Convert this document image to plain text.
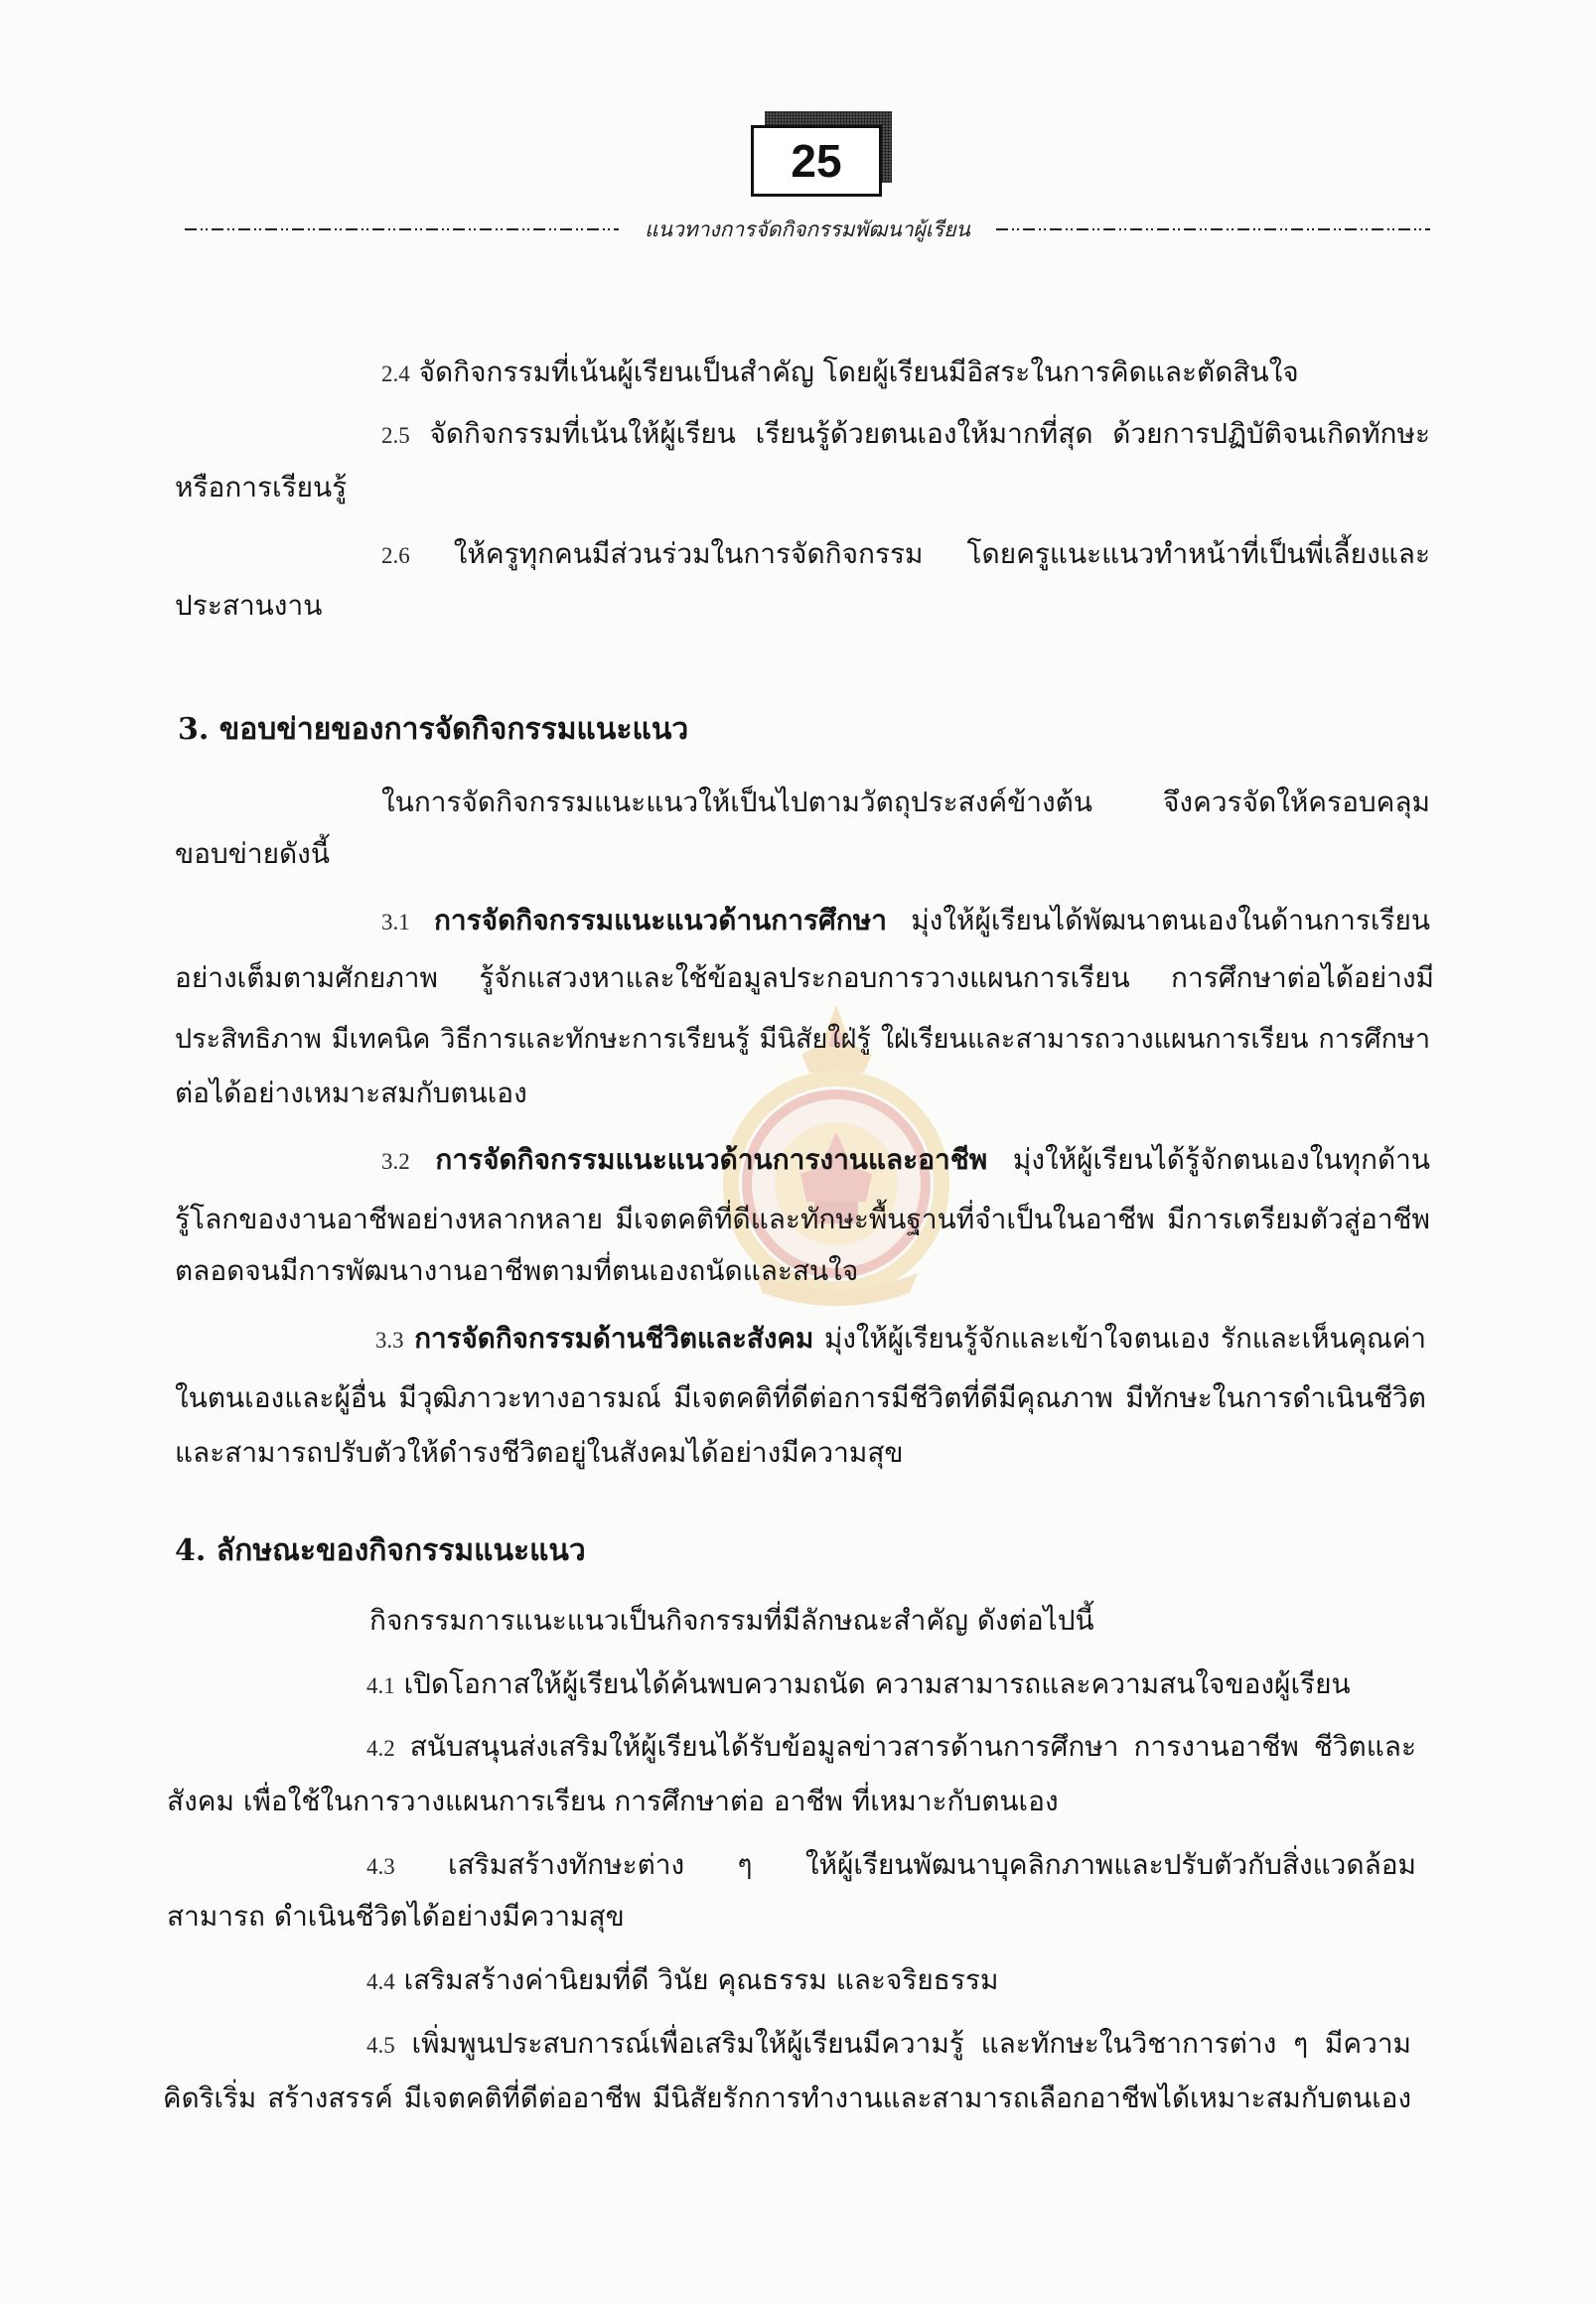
25
แนวทางการจัดกิจกรรมพัฒนาผู้เรียน
2.4 จัดกิจกรรมที่เน้นผู้เรียนเป็นสำคัญ โดยผู้เรียนมีอิสระในการคิดและตัดสินใจ
2.5 จัดกิจกรรมที่เน้นให้ผู้เรียน เรียนรู้ด้วยตนเองให้มากที่สุด ด้วยการปฏิบัติจนเกิดทักษะ
หรือการเรียนรู้
2.6 ให้ครูทุกคนมีส่วนร่วมในการจัดกิจกรรม โดยครูแนะแนวทำหน้าที่เป็นพี่เลี้ยงและ
ประสานงาน
3. ขอบข่ายของการจัดกิจกรรมแนะแนว
ในการจัดกิจกรรมแนะแนวให้เป็นไปตามวัตถุประสงค์ข้างต้น จึงควรจัดให้ครอบคลุม
ขอบข่ายดังนี้
3.1 การจัดกิจกรรมแนะแนวด้านการศึกษา มุ่งให้ผู้เรียนได้พัฒนาตนเองในด้านการเรียน
อย่างเต็มตามศักยภาพ รู้จักแสวงหาและใช้ข้อมูลประกอบการวางแผนการเรียน การศึกษาต่อได้อย่างมี
ประสิทธิภาพ มีเทคนิค วิธีการและทักษะการเรียนรู้ มีนิสัยใฝ่รู้ ใฝ่เรียนและสามารถวางแผนการเรียน การศึกษา
ต่อได้อย่างเหมาะสมกับตนเอง
3.2 การจัดกิจกรรมแนะแนวด้านการงานและอาชีพ มุ่งให้ผู้เรียนได้รู้จักตนเองในทุกด้าน
รู้โลกของงานอาชีพอย่างหลากหลาย มีเจตคติที่ดีและทักษะพื้นฐานที่จำเป็นในอาชีพ มีการเตรียมตัวสู่อาชีพ
ตลอดจนมีการพัฒนางานอาชีพตามที่ตนเองถนัดและสนใจ
3.3 การจัดกิจกรรมด้านชีวิตและสังคม มุ่งให้ผู้เรียนรู้จักและเข้าใจตนเอง รักและเห็นคุณค่า
ในตนเองและผู้อื่น มีวุฒิภาวะทางอารมณ์ มีเจตคติที่ดีต่อการมีชีวิตที่ดีมีคุณภาพ มีทักษะในการดำเนินชีวิต
และสามารถปรับตัวให้ดำรงชีวิตอยู่ในสังคมได้อย่างมีความสุข
4. ลักษณะของกิจกรรมแนะแนว
กิจกรรมการแนะแนวเป็นกิจกรรมที่มีลักษณะสำคัญ ดังต่อไปนี้
4.1 เปิดโอกาสให้ผู้เรียนได้ค้นพบความถนัด ความสามารถและความสนใจของผู้เรียน
4.2 สนับสนุนส่งเสริมให้ผู้เรียนได้รับข้อมูลข่าวสารด้านการศึกษา การงานอาชีพ ชีวิตและ
สังคม เพื่อใช้ในการวางแผนการเรียน การศึกษาต่อ อาชีพ ที่เหมาะกับตนเอง
4.3 เสริมสร้างทักษะต่าง ๆ ให้ผู้เรียนพัฒนาบุคลิกภาพและปรับตัวกับสิ่งแวดล้อม
สามารถ ดำเนินชีวิตได้อย่างมีความสุข
4.4 เสริมสร้างค่านิยมที่ดี วินัย คุณธรรม และจริยธรรม
4.5 เพิ่มพูนประสบการณ์เพื่อเสริมให้ผู้เรียนมีความรู้ และทักษะในวิชาการต่าง ๆ มีความ
คิดริเริ่ม สร้างสรรค์ มีเจตคติที่ดีต่ออาชีพ มีนิสัยรักการทำงานและสามารถเลือกอาชีพได้เหมาะสมกับตนเอง
